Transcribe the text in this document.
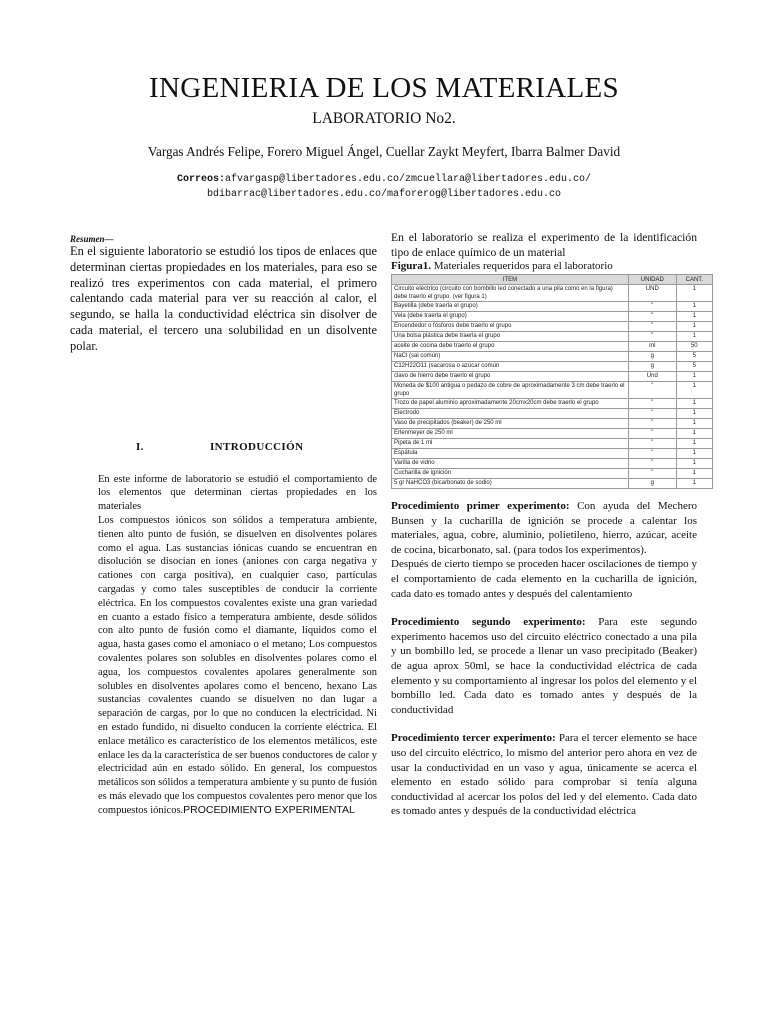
INGENIERIA DE LOS MATERIALES
LABORATORIO No2.
Vargas Andrés Felipe, Forero Miguel Ángel, Cuellar Zaykt Meyfert, Ibarra Balmer David
Correos:afvargasp@libertadores.edu.co/zmcuellara@libertadores.edu.co/
bdibarrac@libertadores.edu.co/maforerog@libertadores.edu.co

Resumen—

En el siguiente laboratorio se estudió los tipos de enlaces que determinan ciertas propiedades en los materiales, para eso se realizó tres experimentos con cada material, el primero calentando cada material para ver su reacción al calor, el segundo, se halla la conductividad eléctrica sin disolver de cada material, el tercero una solubilidad en un disolvente polar.

I.	INTRODUCCIÓN

En este informe de laboratorio se estudió el comportamiento de los elementos que determinan ciertas propiedades en los materiales

Los compuestos iónicos son sólidos a temperatura ambiente, tienen alto punto de fusión, se disuelven en disolventes polares como el agua. Las sustancias iónicas cuando se encuentran en disolución se disocian en iones (aniones con carga negativa y cationes con carga positiva), en cualquier caso, partículas cargadas y como tales susceptibles de conducir la corriente eléctrica. En los compuestos covalentes existe una gran variedad en cuanto a estado físico a temperatura ambiente, desde sólidos con alto punto de fusión como el diamante, líquidos como el agua, hasta gases como el amoniaco o el metano; Los compuestos covalentes polares son solubles en disolventes polares como el agua, los compuestos covalentes apolares generalmente son solubles en disolventes apolares como el benceno, hexano Las sustancias covalentes cuando se disuelven no dan lugar a separación de cargas, por lo que no conducen la electricidad. Ni en estado fundido, ni disuelto conducen la corriente eléctrica. El enlace metálico es característico de los elementos metálicos, este enlace les da la característica de ser buenos conductores de calor y electricidad aún en estado sólido. En general, los compuestos metálicos son sólidos a temperatura ambiente y su punto de fusión es más elevado que los compuestos covalentes pero menor que los compuestos iónicos.PROCEDIMIENTO EXPERIMENTAL

En el laboratorio se realiza el experimento de la identificación tipo de enlace químico de un material

Figura1. Materiales requeridos para el laboratorio

ITEM	UNIDAD	CANT.
Circuito eléctrico (circuito con bombillo led conectado a una pila como en la figura) debe traerlo el grupo. (ver figura 1)	UND	1
Bayetilla (debe traerla el grupo)	"	1
Vela (debe traerla el grupo)	"	1
Encendedor o fósforos debe traerlo el grupo	"	1
Una bolsa plástica debe traerla el grupo	"	1
aceite de cocina debe traerlo el grupo	ml	50
NaCl (sal común)	g	5
C12H22O11 (sacarosa o azúcar común	g	5
clavo de hierro debe traerlo el grupo	Und	1
Moneda de $100 antigua o pedazo de cobre de aproximadamente 3 cm debe traerlo el grupo	"	1
Trozo de papel aluminio aproximadamente 20cmx20cm debe traerlo el grupo	"	1
Electrodo	"	1
Vaso de precipitados (beaker) de 250 ml	"	1
Erlenmeyer de 250 ml	"	1
Pipeta de 1 ml	"	1
Espátula	"	1
Varilla de vidrio	"	1
Cucharilla de ignición	"	1
5 gr NaHCO3 (bicarbonato de sodio)	g	1

Procedimiento primer experimento: Con ayuda del Mechero Bunsen y la cucharilla de ignición se procede a calentar los materiales, agua, cobre, aluminio, polietileno, hierro, azúcar, aceite de cocina, bicarbonato, sal. (para todos los experimentos).

Después de cierto tiempo se proceden hacer oscilaciones de tiempo y el comportamiento de cada elemento en la cucharilla de ignición, cada dato es tomado antes y después del calentamiento

Procedimiento segundo experimento: Para este segundo experimento hacemos uso del circuito eléctrico conectado a una pila y un bombillo led, se procede a llenar un vaso precipitado (Beaker) de agua aprox 50ml, se hace la conductividad eléctrica de cada elemento y su comportamiento al ingresar los polos del elemento y el bombillo led. Cada dato es tomado antes y después de la conductividad

Procedimiento tercer experimento: Para el tercer elemento se hace uso del circuito eléctrico, lo mismo del anterior pero ahora en vez de usar la conductividad en un vaso y agua, únicamente se acerca el elemento en estado sólido para comprobar si tenía alguna conductividad al acercar los polos del led y del elemento. Cada dato es tomado antes y después de la conductividad eléctrica
